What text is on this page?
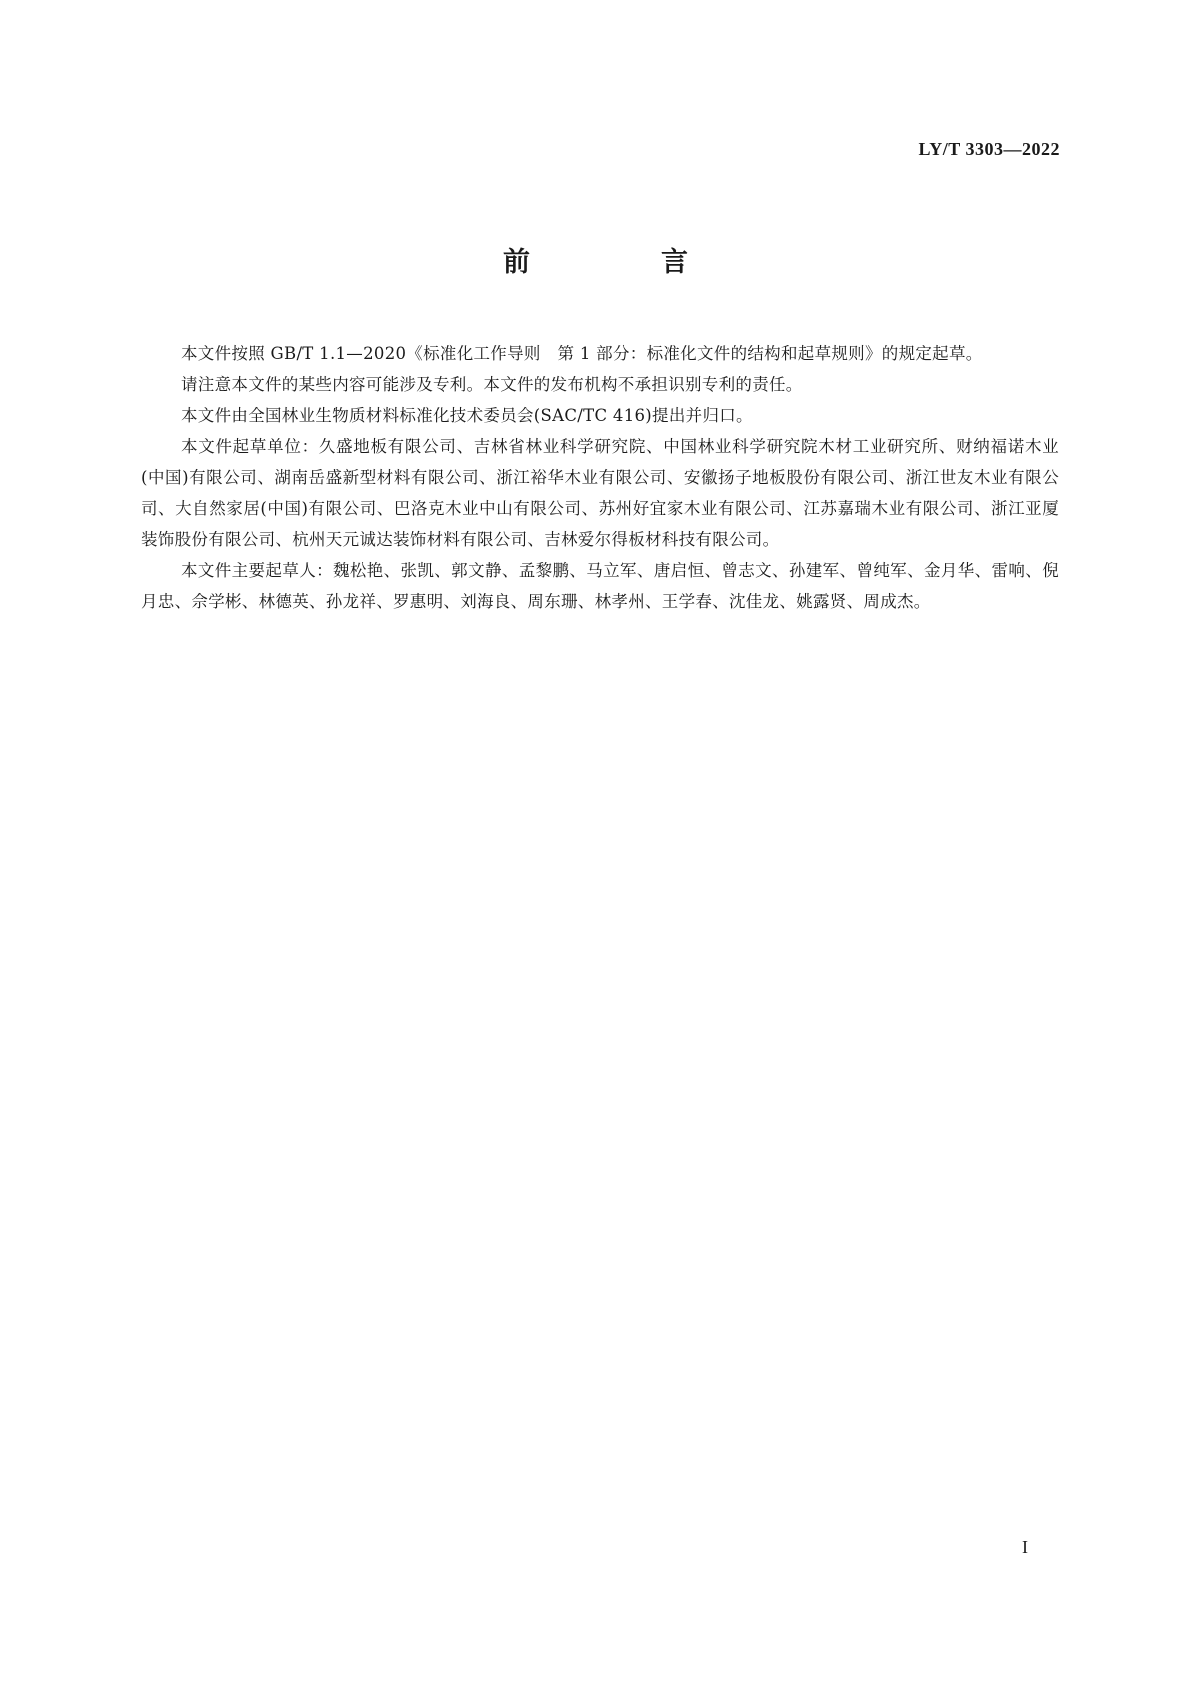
LY/T 3303—2022
前　言

本文件按照 GB/T 1.1—2020《标准化工作导则　第 1 部分：标准化文件的结构和起草规则》的规定起草。

请注意本文件的某些内容可能涉及专利。本文件的发布机构不承担识别专利的责任。

本文件由全国林业生物质材料标准化技术委员会(SAC/TC 416)提出并归口。

本文件起草单位：久盛地板有限公司、吉林省林业科学研究院、中国林业科学研究院木材工业研究所、财纳福诺木业(中国)有限公司、湖南岳盛新型材料有限公司、浙江裕华木业有限公司、安徽扬子地板股份有限公司、浙江世友木业有限公司、大自然家居(中国)有限公司、巴洛克木业中山有限公司、苏州好宜家木业有限公司、江苏嘉瑞木业有限公司、浙江亚厦装饰股份有限公司、杭州天元诚达装饰材料有限公司、吉林爱尔得板材科技有限公司。

本文件主要起草人：魏松艳、张凯、郭文静、孟黎鹏、马立军、唐启恒、曾志文、孙建军、曾纯军、金月华、雷响、倪月忠、佘学彬、林德英、孙龙祥、罗惠明、刘海良、周东珊、林孝州、王学春、沈佳龙、姚露贤、周成杰。

I
